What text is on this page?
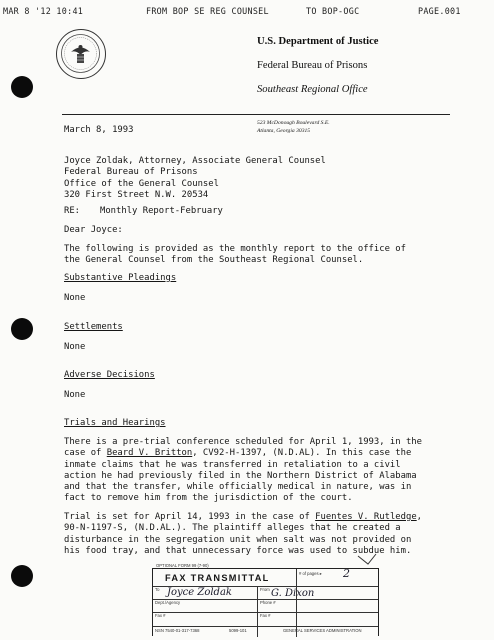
MAR 8 '12 10:41	FROM BOP SE REG COUNSEL	TO BOP-OGC	PAGE.001
U.S. Department of Justice
Federal Bureau of Prisons
Southeast Regional Office
523 McDonough Boulevard S.E.
Atlanta, Georgia 30315
March 8, 1993
Joyce Zoldak, Attorney, Associate General Counsel
Federal Bureau of Prisons
Office of the General Counsel
320 First Street N.W. 20534
RE: Monthly Report-February
Dear Joyce:
The following is provided as the monthly report to the office of
the General Counsel from the Southeast Regional Counsel.
Substantive Pleadings
None
Settlements
None
Adverse Decisions
None
Trials and Hearings
There is a pre-trial conference scheduled for April 1, 1993, in the
case of Beard V. Britton, CV92-H-1397, (N.D.AL). In this case the
inmate claims that he was transferred in retaliation to a civil
action he had previously filed in the Northern District of Alabama
and that the transfer, while officially medical in nature, was in
fact to remove him from the jurisdiction of the court.
Trial is set for April 14, 1993 in the case of Fuentes V. Rutledge,
90-N-1197-S, (N.D.AL.). The plaintiff alleges that he created a
disturbance in the segregation unit when salt was not provided on
his food tray, and that unnecessary force was used to subdue him.
OPTIONAL FORM 99 (7-90)
FAX TRANSMITTAL	# of pages ▸ 2
To Joyce Zoldak	From G. Dixon
Dept./Agency	Phone #
Fax #	Fax #
NSN 7540-01-317-7368	5099-101	GENERAL SERVICES ADMINISTRATION
